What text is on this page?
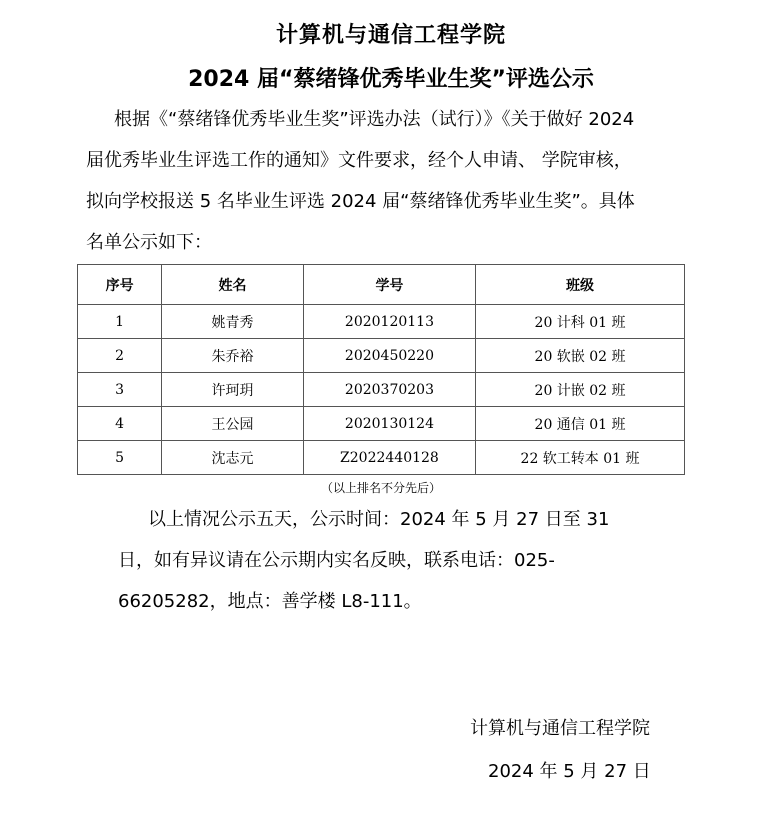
计算机与通信工程学院
2024 届“蔡绪锋优秀毕业生奖”评选公示
根据《“蔡绪锋优秀毕业生奖”评选办法（试行）》《关于做好 2024
届优秀毕业生评选工作的通知》文件要求，经个人申请、 学院审核，
拟向学校报送 5 名毕业生评选 2024 届“蔡绪锋优秀毕业生奖”。具体
名单公示如下：
序号	姓名	学号	班级
1	姚青秀	2020120113	20 计科 01 班
2	朱乔裕	2020450220	20 软嵌 02 班
3	许珂玥	2020370203	20 计嵌 02 班
4	王公园	2020130124	20 通信 01 班
5	沈志元	Z2022440128	22 软工转本 01 班
（以上排名不分先后）
以上情况公示五天，公示时间：2024 年 5 月 27 日至 31
日，如有异议请在公示期内实名反映，联系电话：025-
66205282，地点：善学楼 L8-111。
计算机与通信工程学院
2024 年 5 月 27 日
